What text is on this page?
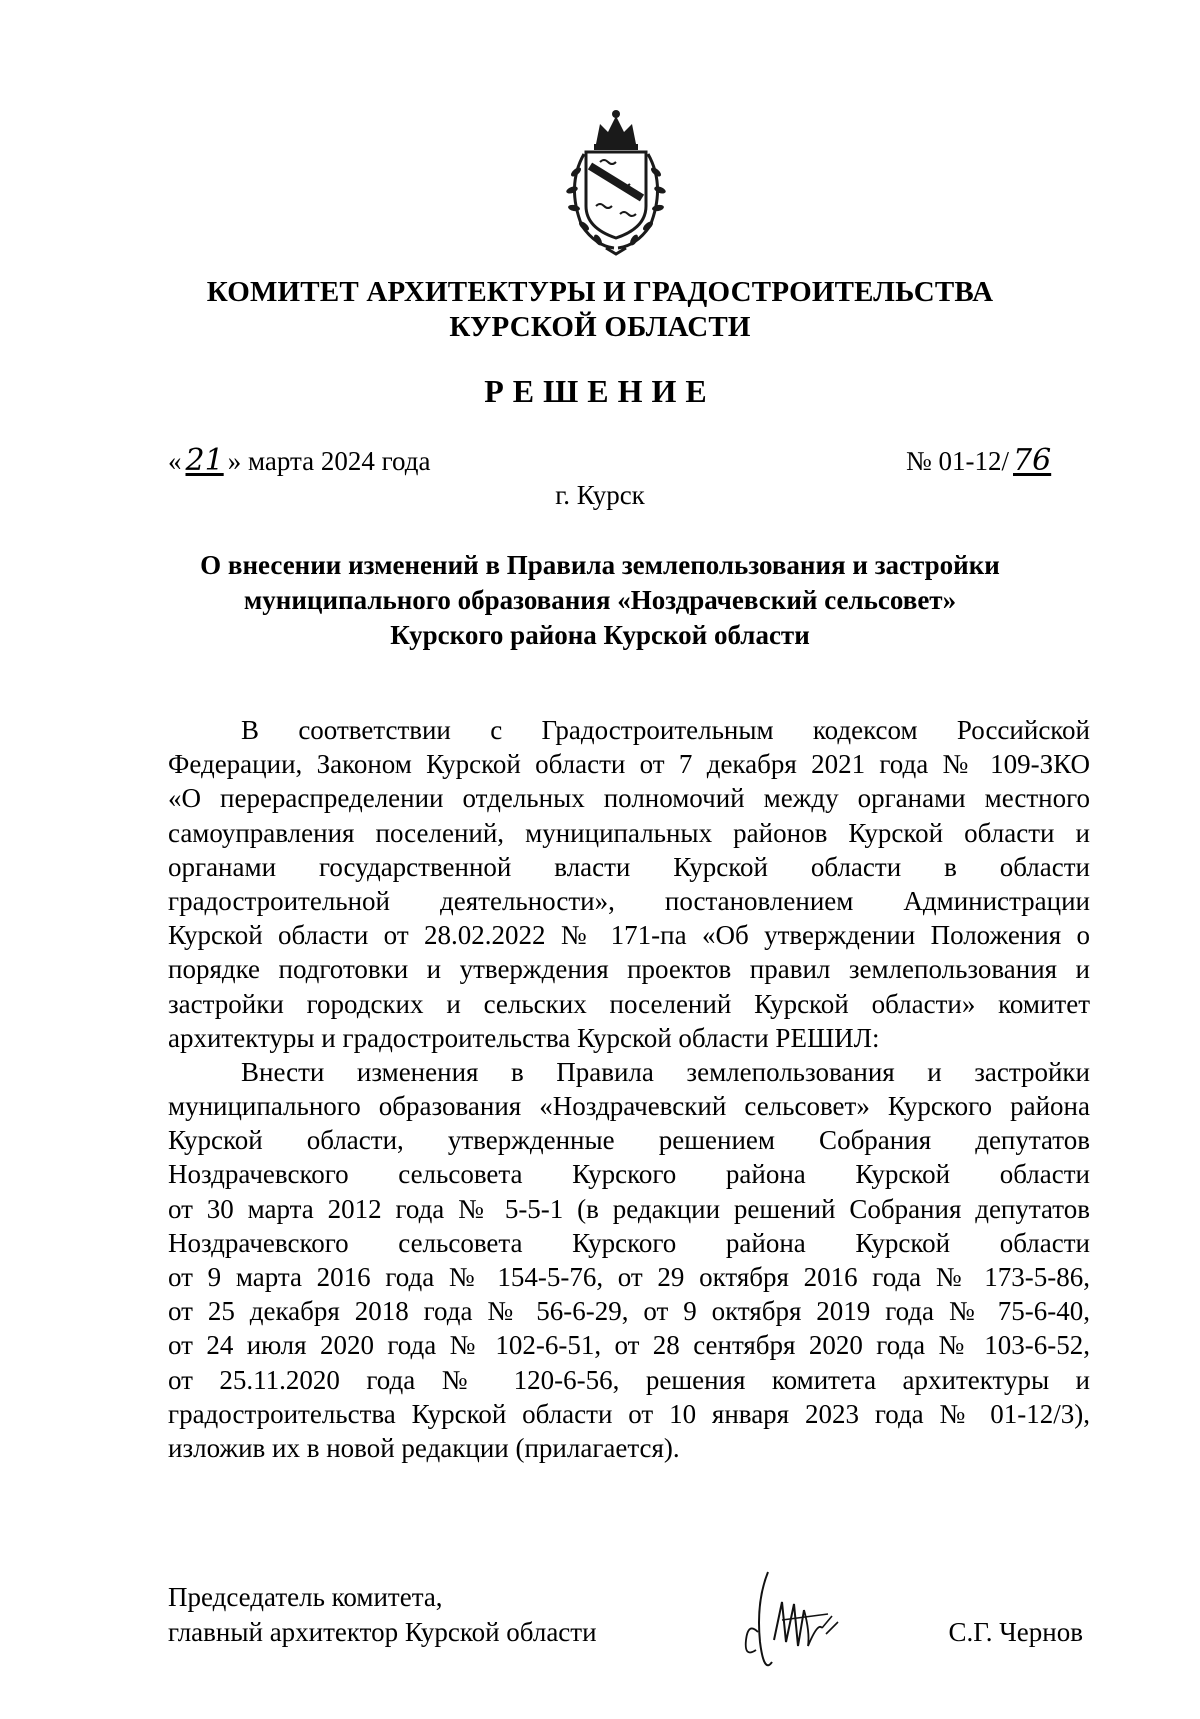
КОМИТЕТ АРХИТЕКТУРЫ И ГРАДОСТРОИТЕЛЬСТВА
КУРСКОЙ ОБЛАСТИ
РЕШЕНИЕ
« 21 » марта 2024 года	№ 01-12/ 76
г. Курск
О внесении изменений в Правила землепользования и застройки
муниципального образования «Ноздрачевский сельсовет»
Курского района Курской области
В соответствии с Градостроительным кодексом Российской
Федерации, Законом Курской области от 7 декабря 2021 года № 109-ЗКО
«О перераспределении отдельных полномочий между органами местного
самоуправления поселений, муниципальных районов Курской области и
органами государственной власти Курской области в области
градостроительной деятельности», постановлением Администрации
Курской области от 28.02.2022 № 171-па «Об утверждении Положения о
порядке подготовки и утверждения проектов правил землепользования и
застройки городских и сельских поселений Курской области» комитет
архитектуры и градостроительства Курской области РЕШИЛ:
Внести изменения в Правила землепользования и застройки
муниципального образования «Ноздрачевский сельсовет» Курского района
Курской области, утвержденные решением Собрания депутатов
Ноздрачевского сельсовета Курского района Курской области
от 30 марта 2012 года № 5-5-1 (в редакции решений Собрания депутатов
Ноздрачевского сельсовета Курского района Курской области
от 9 марта 2016 года № 154-5-76, от 29 октября 2016 года № 173-5-86,
от 25 декабря 2018 года № 56-6-29, от 9 октября 2019 года № 75-6-40,
от 24 июля 2020 года № 102-6-51, от 28 сентября 2020 года № 103-6-52,
от 25.11.2020 года № 120-6-56, решения комитета архитектуры и
градостроительства Курской области от 10 января 2023 года № 01-12/3),
изложив их в новой редакции (прилагается).
Председатель комитета,
главный архитектор Курской области	С.Г. Чернов
